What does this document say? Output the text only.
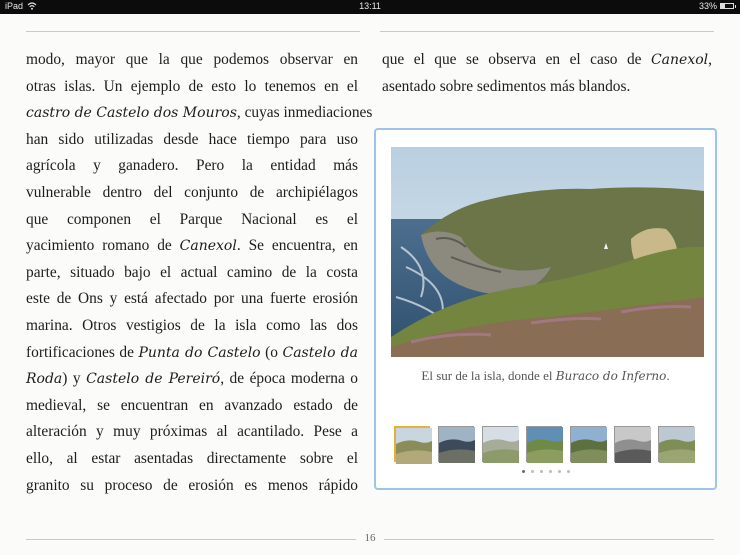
iPad	13:11	33%
modo, mayor que la que podemos observar en
otras islas. Un ejemplo de esto lo tenemos en el
castro de Castelo dos Mouros, cuyas inmediaciones
han sido utilizadas desde hace tiempo para uso
agrícola y ganadero. Pero la entidad más
vulnerable dentro del conjunto de archipiélagos
que componen el Parque Nacional es el
yacimiento romano de Canexol. Se encuentra, en
parte, situado bajo el actual camino de la costa
este de Ons y está afectado por una fuerte erosión
marina. Otros vestigios de la isla como las dos
fortificaciones de Punta do Castelo (o Castelo da
Roda) y Castelo de Pereiró, de época moderna o
medieval, se encuentran en avanzado estado de
alteración y muy próximas al acantilado. Pese a
ello, al estar asentadas directamente sobre el
granito su proceso de erosión es menos rápido
que el que se observa en el caso de Canexol,
asentado sobre sedimentos más blandos.
El sur de la isla, donde el Buraco do Inferno.
16
